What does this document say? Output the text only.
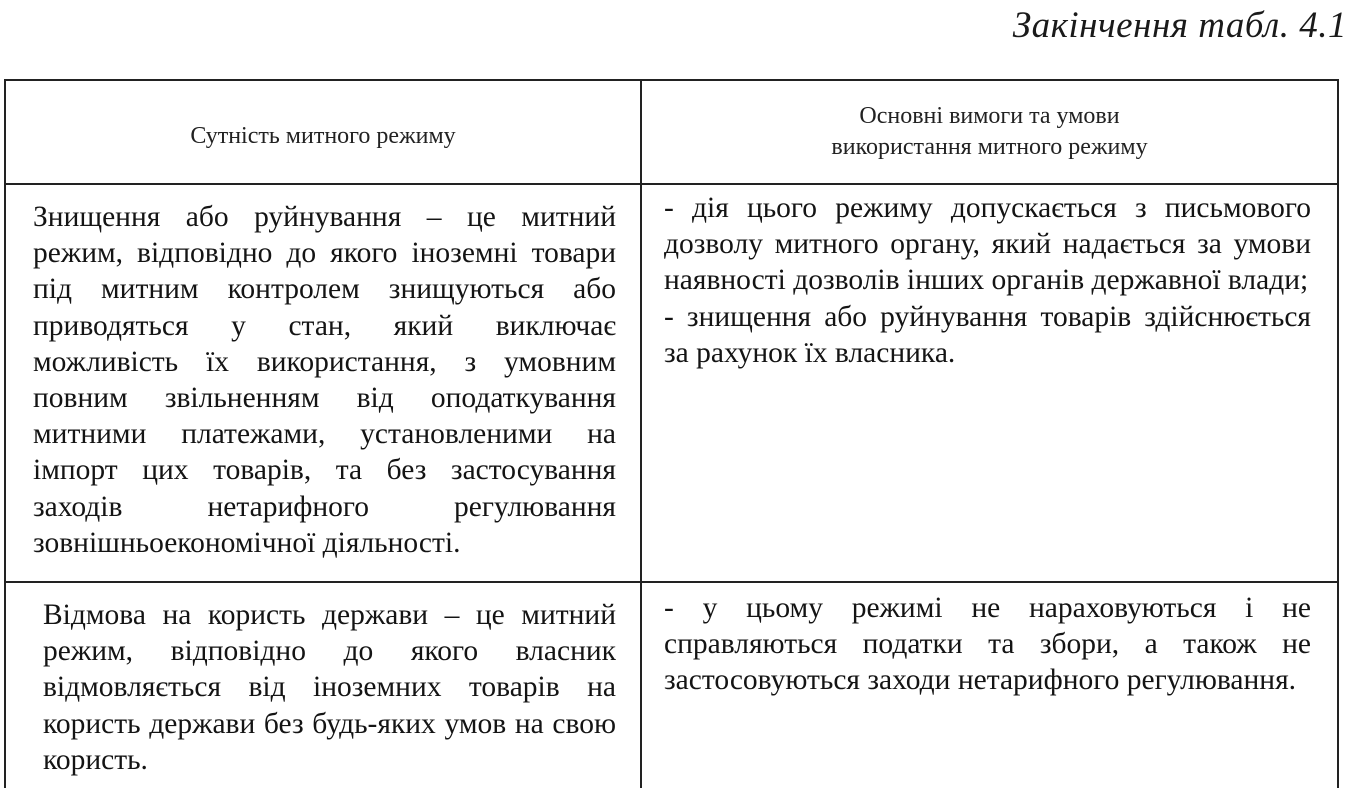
Закінчення табл. 4.1
Сутність митного режиму
Основні вимоги та умови використання митного режиму

Знищення або руйнування – це митний режим, відповідно до якого іноземні товари під митним контролем знищуються або приводяться у стан, який виключає можливість їх використання, з умовним повним звільненням від оподаткування митними платежами, установленими на імпорт цих товарів, та без застосування заходів нетарифного регулювання зовнішньоекономічної діяльності.

- дія цього режиму допускається з письмового дозволу митного органу, який надається за умови наявності дозволів інших органів державної влади;

- знищення або руйнування товарів здійснюється за рахунок їх власника.

Відмова на користь держави – це митний режим, відповідно до якого власник відмовляється від іноземних товарів на користь держави без будь-яких умов на свою користь.

- у цьому режимі не нараховуються і не справляються податки та збори, а також не застосовуються заходи нетарифного регулювання.
